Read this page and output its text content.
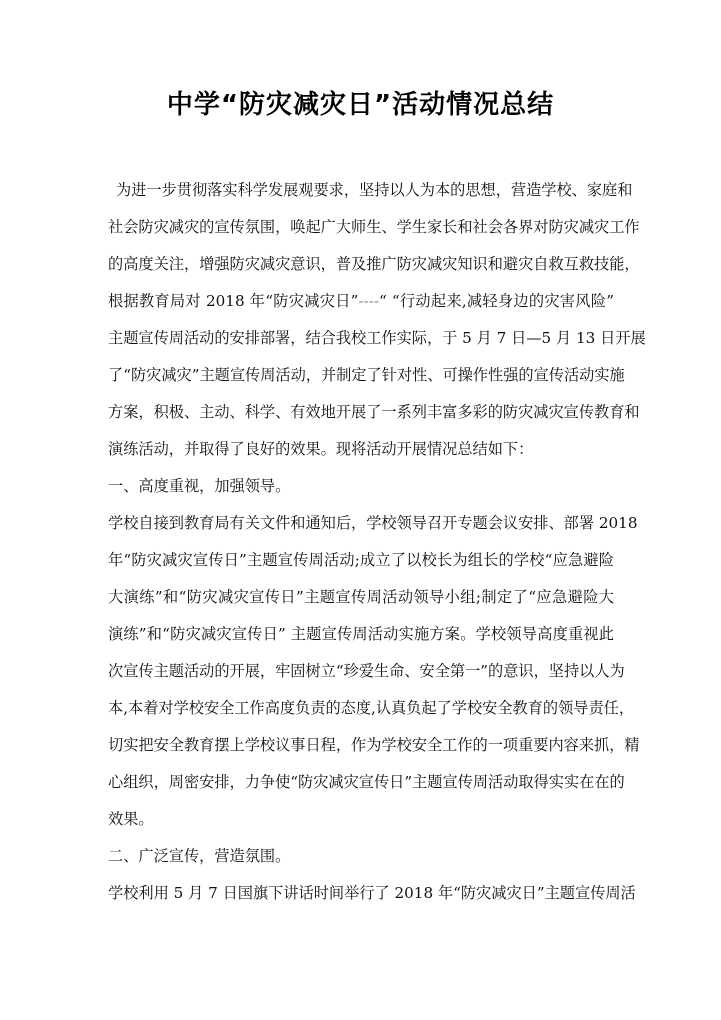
中学“防灾减灾日”活动情况总结
为进一步贯彻落实科学发展观要求，坚持以人为本的思想，营造学校、家庭和
社会防灾减灾的宣传氛围，唤起广大师生、学生家长和社会各界对防灾减灾工作
的高度关注，增强防灾减灾意识，普及推广防灾减灾知识和避灾自救互救技能，
根据教育局对 2018 年“防灾减灾日”----“ “行动起来,减轻身边的灾害风险”
主题宣传周活动的安排部署，结合我校工作实际，于 5 月 7 日—5 月 13 日开展
了“防灾减灾”主题宣传周活动，并制定了针对性、可操作性强的宣传活动实施
方案，积极、主动、科学、有效地开展了一系列丰富多彩的防灾减灾宣传教育和
演练活动，并取得了良好的效果。现将活动开展情况总结如下：
一、高度重视，加强领导。
学校自接到教育局有关文件和通知后，学校领导召开专题会议安排、部署 2018
年“防灾减灾宣传日”主题宣传周活动;成立了以校长为组长的学校“应急避险
大演练”和“防灾减灾宣传日”主题宣传周活动领导小组;制定了“应急避险大
演练”和“防灾减灾宣传日” 主题宣传周活动实施方案。学校领导高度重视此
次宣传主题活动的开展，牢固树立“珍爱生命、安全第一”的意识，坚持以人为
本,本着对学校安全工作高度负责的态度,认真负起了学校安全教育的领导责任，
切实把安全教育摆上学校议事日程，作为学校安全工作的一项重要内容来抓，精
心组织，周密安排，力争使“防灾减灾宣传日”主题宣传周活动取得实实在在的
效果。
二、广泛宣传，营造氛围。
学校利用 5 月 7 日国旗下讲话时间举行了 2018 年“防灾减灾日”主题宣传周活
